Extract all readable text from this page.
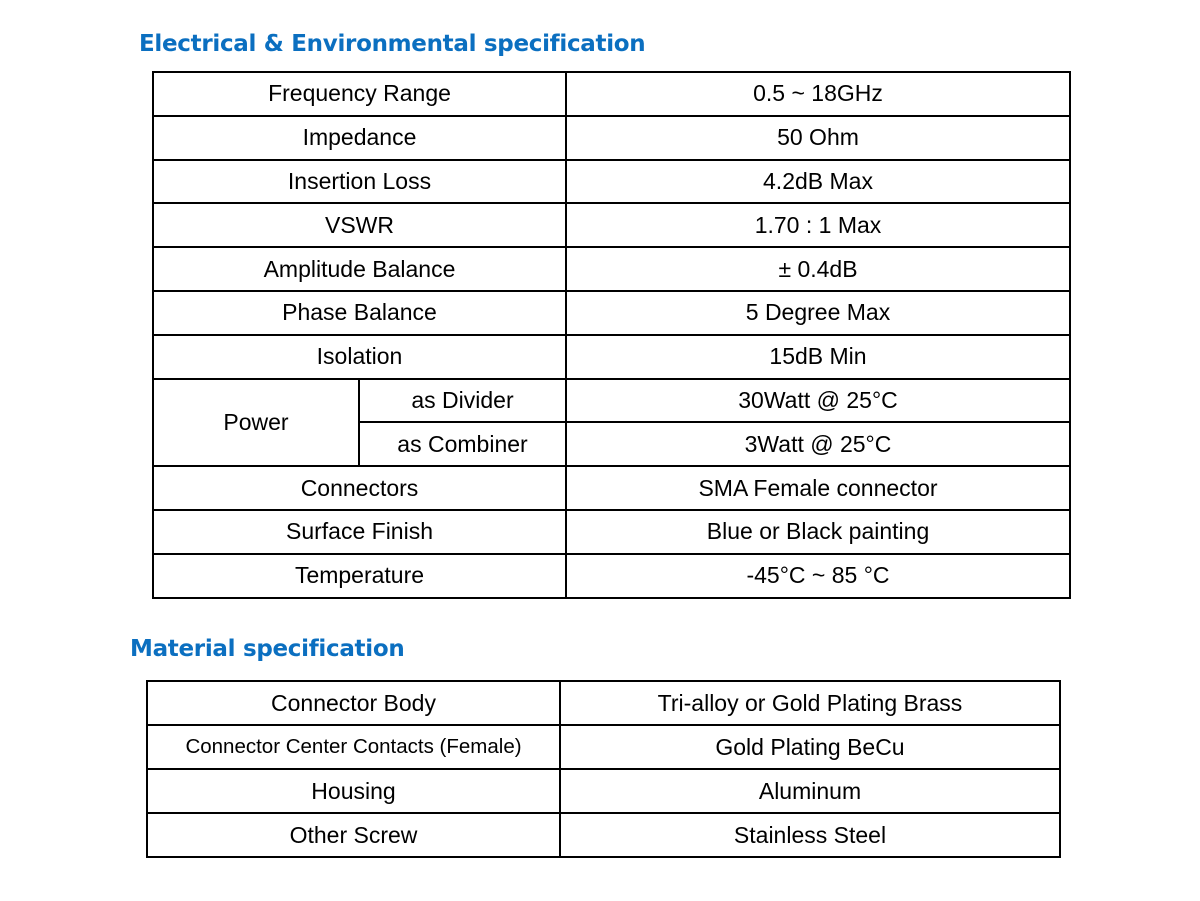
Electrical & Environmental specification
Frequency Range		0.5 ~ 18GHz
Impedance		50 Ohm
Insertion Loss		4.2dB Max
VSWR		1.70 : 1 Max
Amplitude Balance		± 0.4dB
Phase Balance		5 Degree Max
Isolation		15dB Min
Power	as Divider	30Watt @ 25°C
	as Combiner	3Watt @ 25°C
Connectors		SMA Female connector
Surface Finish		Blue or Black painting
Temperature		-45°C ~ 85 °C
Material specification
Connector Body	Tri-alloy or Gold Plating Brass
Connector Center Contacts (Female)	Gold Plating BeCu
Housing	Aluminum
Other Screw	Stainless Steel
